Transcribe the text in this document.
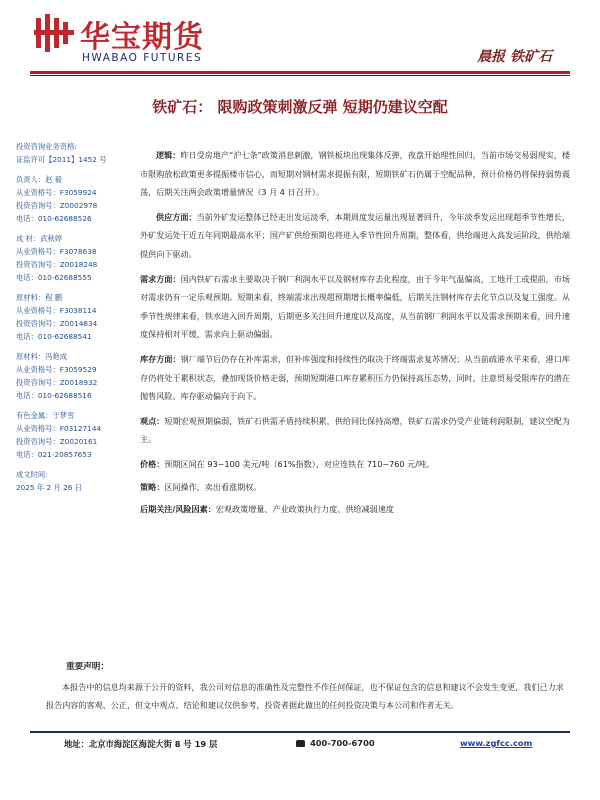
华宝期货
HWABAO FUTURES	晨报 铁矿石
铁矿石： 限购政策刺激反弹 短期仍建议空配
投资咨询业务资格:
证监许可【2011】1452 号
负责人：赵 毅
从业资格号：F3059924
投资咨询号：Z0002978
电话：010-62688526
成 材：武秋婷
从业资格号：F3078638
投资咨询号：Z0018248
电话：010-62688555
原材料：程 鹏
从业资格号：F3038114
投资咨询号：Z0014834
电话：010-62688541
原材料：冯艳成
从业资格号：F3059529
投资咨询号：Z0018932
电话：010-62688516
有色金属：于梦雪
从业资格号：F03127144
投资咨询号：Z0020161
电话：021-20857653
成文时间：
2025 年 2 月 26 日
逻辑：昨日受房地产“沪七条”政策消息刺激，钢铁板块出现集体反弹，夜盘开始理性回归，当前市场交易弱现实，楼市限购放松政策更多提振楼市信心，而短期对钢材需求提振有限，短期铁矿石仍属于空配品种，预计价格仍将保持弱势震荡，后期关注两会政策增量情况（3 月 4 日召开）。
供应方面：当前外矿发运整体已经走出发运淡季，本期周度发运量出现显著回升，今年淡季发运出现超季节性增长，外矿发运处于近五年同期最高水平；国产矿供给预期也将进入季节性回升周期，整体看，供给端进入高发运阶段，供给端提供向下驱动。
需求方面：国内铁矿石需求主要取决于钢厂利润水平以及钢材库存去化程度，由于今年气温偏高，工地开工或提前，市场对需求仍有一定乐观预期。短期来看，终端需求出现超预期增长概率偏低，后期关注钢材库存去化节点以及复工强度。从季节性规律来看，铁水进入回升周期，后期更多关注回升速度以及高度，从当前钢厂利润水平以及需求预期来看，回升速度保持相对平缓，需求向上驱动偏弱。
库存方面：钢厂端节后仍存在补库需求，但补库强度和持续性仍取决于终端需求复苏情况；从当前疏港水平来看，港口库存仍将处于累积状态，叠加现货价格走弱，预期短期港口库存累积压力仍保持高压态势，同时，注意贸易受限库存的潜在抛售风险。库存驱动偏向于向下。
观点：短期宏观预期偏弱，铁矿石供需矛盾持续积累，供给同比保持高增，铁矿石需求仍受产业链利润限制，建议空配为主。
价格：预期区间在 93~100 美元/吨（61%指数），对应连铁在 710~760 元/吨。
策略：区间操作，卖出看涨期权。
后期关注/风险因素：宏观政策增量、产业政策执行力度、供给减弱速度
重要声明：
本报告中的信息均来源于公开的资料，我公司对信息的准确性及完整性不作任何保证，也不保证包含的信息和建议不会发生变更，我们已力求报告内容的客观、公正，但文中观点、结论和建议仅供参考，投资者据此做出的任何投资决策与本公司和作者无关。
地址：北京市海淀区海淀大街 8 号 19 层	400-700-6700	www.zgfcc.com
